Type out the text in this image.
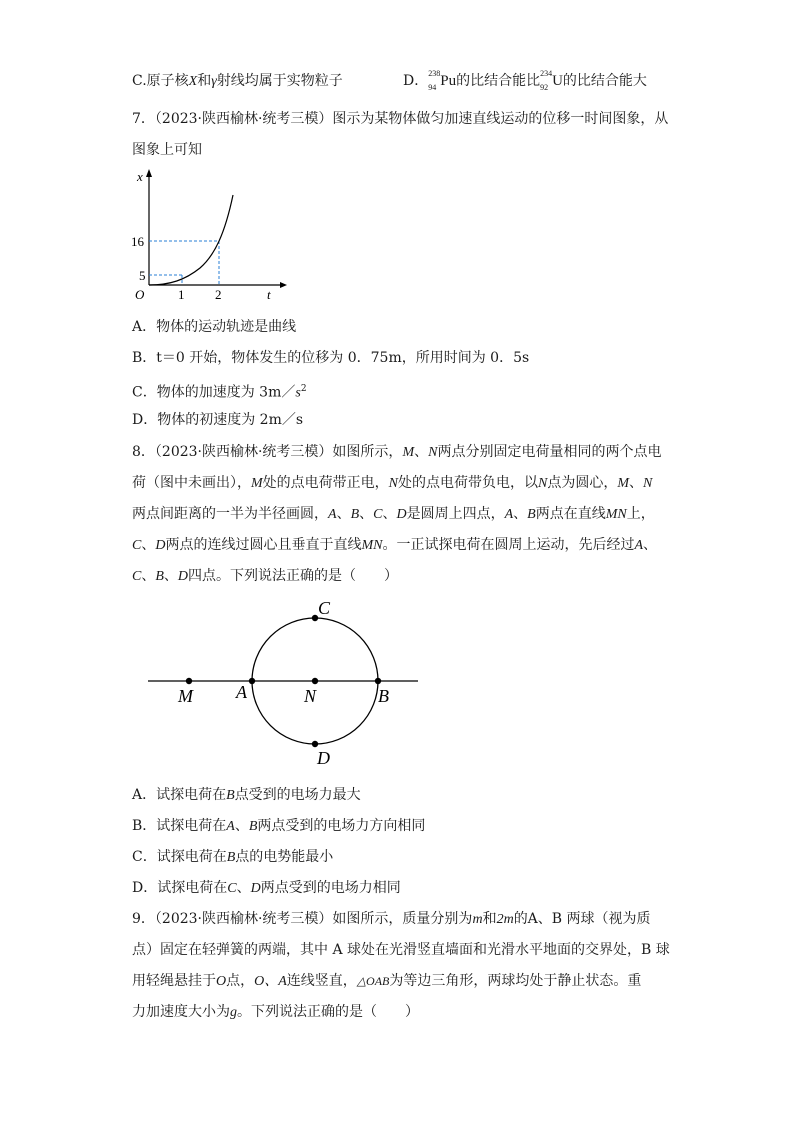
C.原子核X和γ射线均属于实物粒子	D． 238
94 Pu的比结合能比 234
92 U的比结合能大
7．（2023·陕西榆林·统考三模）图示为某物体做匀加速直线运动的位移一时间图象，从
图象上可知
x
t
O	1 2
5
16
A．物体的运动轨迹是曲线
B．t＝0 开始，物体发生的位移为 0．75m，所用时间为 0．5s
C．物体的加速度为 $3m/s^2$
D．物体的初速度为 2m／s
8．（2023·陕西榆林·统考三模）如图所示，M、N两点分别固定电荷量相同的两个点电
荷（图中未画出），M处的点电荷带正电，N处的点电荷带负电，以N点为圆心，M、N
两点间距离的一半为半径画圆，A、B、C、D是圆周上四点，A、B两点在直线MN上，
C、D两点的连线过圆心且垂直于直线MN。一正试探电荷在圆周上运动，先后经过A、
C、B、D四点。下列说法正确的是（　　）
M A	N	B
C
D
A．试探电荷在B点受到的电场力最大
B．试探电荷在A、B两点受到的电场力方向相同
C．试探电荷在B点的电势能最小
D．试探电荷在C、D两点受到的电场力相同
9．（2023·陕西榆林·统考三模）如图所示，质量分别为m和2m的A、B 两球（视为质
点）固定在轻弹簧的两端，其中 A 球处在光滑竖直墙面和光滑水平地面的交界处，B 球
用轻绳悬挂于O点，O、A连线竖直，△OAB为等边三角形，两球均处于静止状态。重
力加速度大小为g。下列说法正确的是（　　）
